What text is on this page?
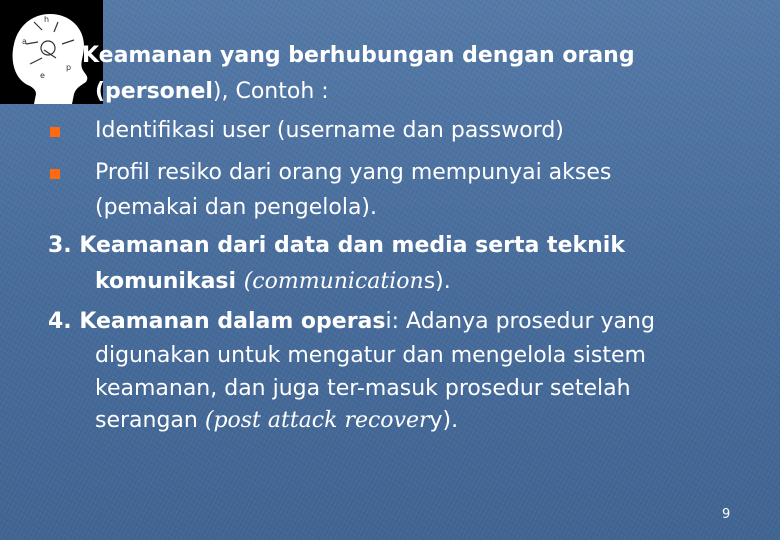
h
a
p
e

Keamanan yang berhubungan dengan orang

(personel), Contoh :

Identifikasi user (username dan password)

Profil resiko dari orang yang mempunyai akses

(pemakai dan pengelola).

3. Keamanan dari data dan media serta teknik

komunikasi (communications).

4. Keamanan dalam operasi: Adanya prosedur yang

digunakan untuk mengatur dan mengelola sistem

keamanan, dan juga ter-masuk prosedur setelah

serangan (post attack recovery).

9
